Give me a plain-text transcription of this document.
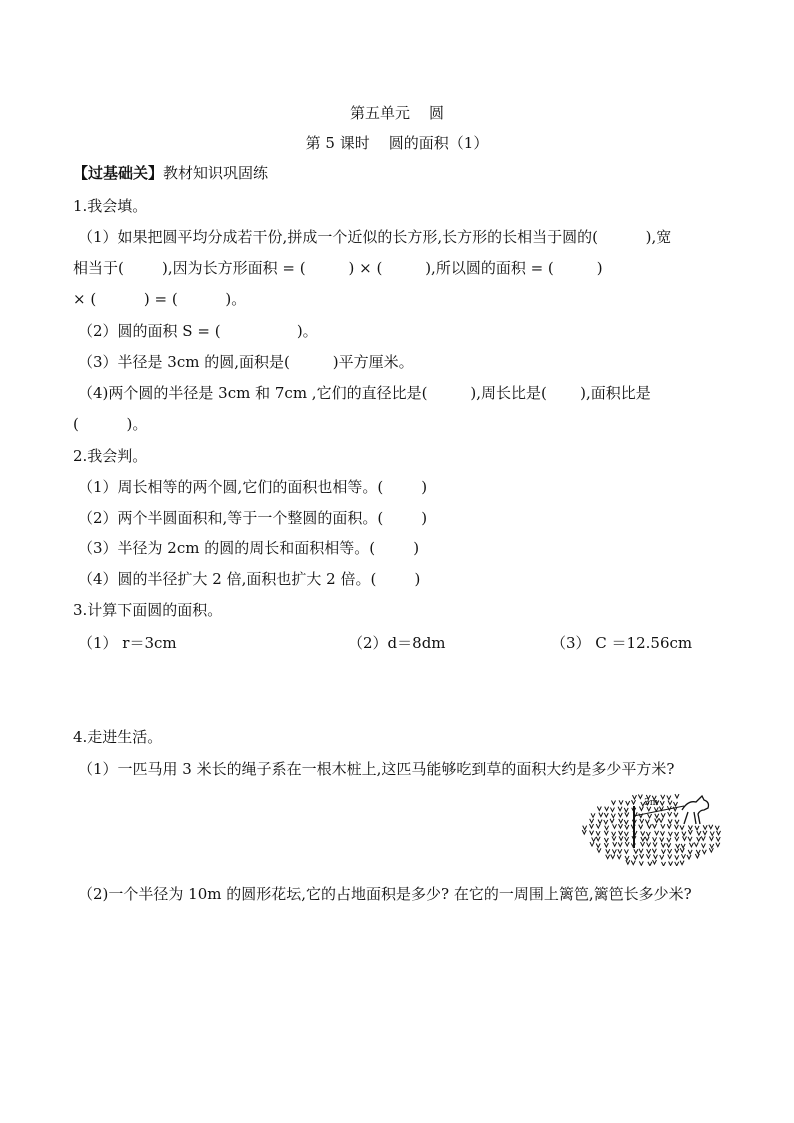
第五单元    圆
第 5 课时    圆的面积（1）
【过基础关】教材知识巩固练
1.我会填。
（1）如果把圆平均分成若干份,拼成一个近似的长方形,长方形的长相当于圆的(          ),宽
相当于(        ),因为长方形面积 = (         ) × (         ),所以圆的面积 = (         )
× (          ) = (          )。
（2）圆的面积 S = (                )。
（3）半径是 3cm 的圆,面积是(         )平方厘米。
（4)两个圆的半径是 3cm 和 7cm ,它们的直径比是(         ),周长比是(       ),面积比是
(          )。
2.我会判。
（1）周长相等的两个圆,它们的面积也相等。(        )
（2）两个半圆面积和,等于一个整圆的面积。(        )
（3）半径为 2cm 的圆的周长和面积相等。(        )
（4）圆的半径扩大 2 倍,面积也扩大 2 倍。(        )
3.计算下面圆的面积。
（1） r＝3cm	（2）d＝8dm	（3） C ＝12.56cm
4.走进生活。
（1）一匹马用 3 米长的绳子系在一根木桩上,这匹马能够吃到草的面积大约是多少平方米?
3m
（2)一个半径为 10m 的圆形花坛,它的占地面积是多少? 在它的一周围上篱笆,篱笆长多少米?
